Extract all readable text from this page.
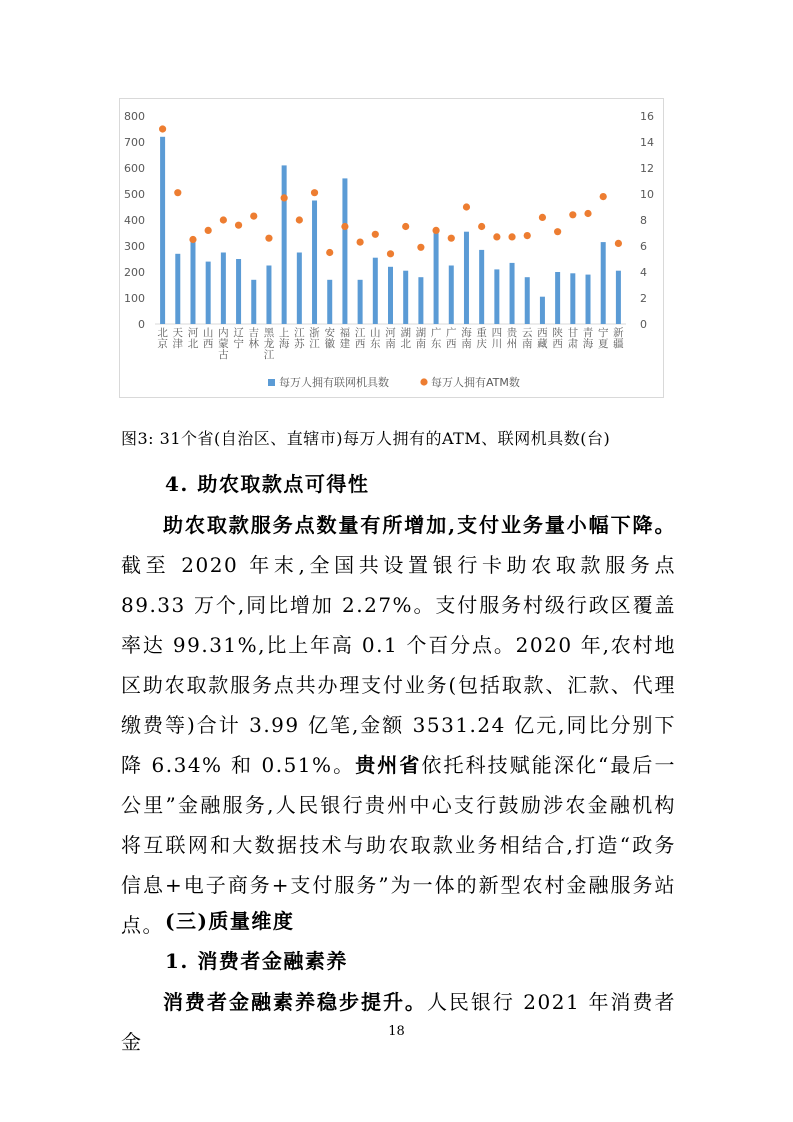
0
100
200
300
400
500
600
700
800
0
2
4
6
8
10
12
14
16
北京
天津
河北
山西
内蒙古
辽宁
吉林
黑龙江
上海
江苏
浙江
安徽
福建
江西
山东
河南
湖北
湖南
广东
广西
海南
重庆
四川
贵州
云南
西藏
陕西
甘肃
青海
宁夏
新疆
每万人拥有联网机具数	每万人拥有ATM数
图3: 31个省(自治区、直辖市)每万人拥有的ATM、联网机具数(台)

4. 助农取款点可得性

助农取款服务点数量有所增加,支付业务量小幅下降。截至 2020 年末,全国共设置银行卡助农取款服务点 89.33 万个,同比增加 2.27%。支付服务村级行政区覆盖率达 99.31%,比上年高 0.1 个百分点。2020 年,农村地区助农取款服务点共办理支付业务(包括取款、汇款、代理缴费等)合计 3.99 亿笔,金额 3531.24 亿元,同比分别下降 6.34% 和 0.51%。贵州省依托科技赋能深化“最后一公里”金融服务,人民银行贵州中心支行鼓励涉农金融机构将互联网和大数据技术与助农取款业务相结合,打造“政务信息+电子商务+支付服务”为一体的新型农村金融服务站点。 (三)质量维度

1. 消费者金融素养

消费者金融素养稳步提升。人民银行 2021 年消费者金	18
